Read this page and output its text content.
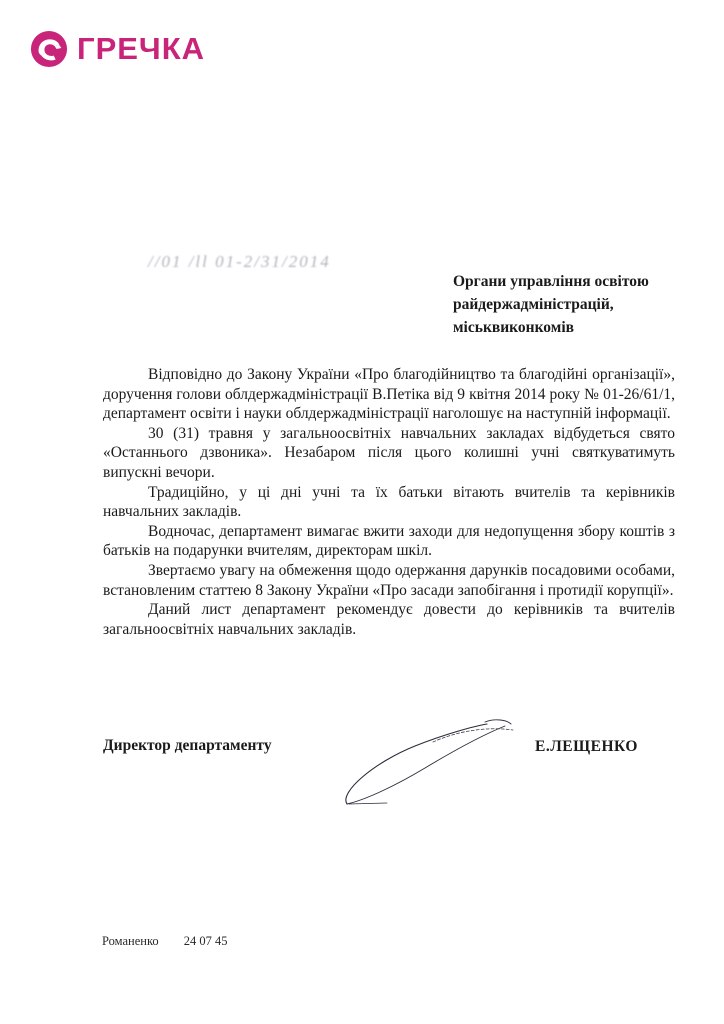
ГРЕЧКА
/​/01 /ll 01-2/31/2014
Органи управління освітою
райдержадміністрацій,
міськвиконкомів

Відповідно до Закону України «Про благодійництво та благодійні організації», доручення голови облдержадміністрації В.Петіка від 9 квітня 2014 року № 01-26/61/1, департамент освіти і науки облдержадміністрації наголошує на наступній інформації.

30 (31) травня у загальноосвітніх навчальних закладах відбудеться свято «Останнього дзвоника». Незабаром після цього колишні учні святкуватимуть випускні вечори.

Традиційно, у ці дні учні та їх батьки вітають вчителів та керівників навчальних закладів.

Водночас, департамент вимагає вжити заходи для недопущення збору коштів з батьків на подарунки вчителям, директорам шкіл.

Звертаємо увагу на обмеження щодо одержання дарунків посадовими особами, встановленим статтею 8 Закону України «Про засади запобігання і протидії корупції».

Даний лист департамент рекомендує довести до керівників та вчителів загальноосвітніх навчальних закладів.

Директор департаменту	Е.ЛЕЩЕНКО
Романенко 24 07 45
